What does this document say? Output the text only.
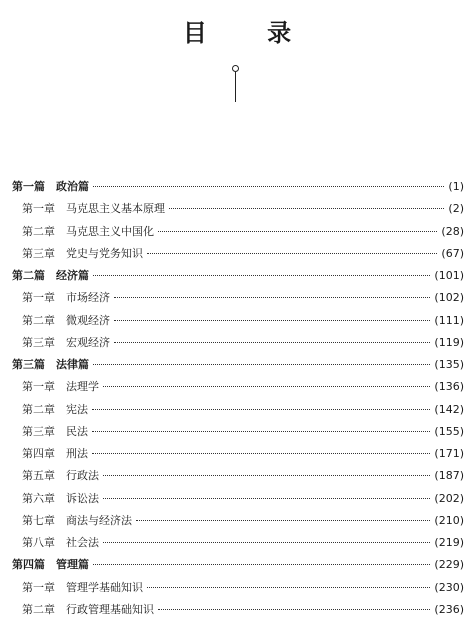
目 录
第一篇 政治篇	(1)
第一章 马克思主义基本原理	(2)
第二章 马克思主义中国化	(28)
第三章 党史与党务知识	(67)
第二篇 经济篇	(101)
第一章 市场经济	(102)
第二章 微观经济	(111)
第三章 宏观经济	(119)
第三篇 法律篇	(135)
第一章 法理学	(136)
第二章 宪法	(142)
第三章 民法	(155)
第四章 刑法	(171)
第五章 行政法	(187)
第六章 诉讼法	(202)
第七章 商法与经济法	(210)
第八章 社会法	(219)
第四篇 管理篇	(229)
第一章 管理学基础知识	(230)
第二章 行政管理基础知识	(236)
